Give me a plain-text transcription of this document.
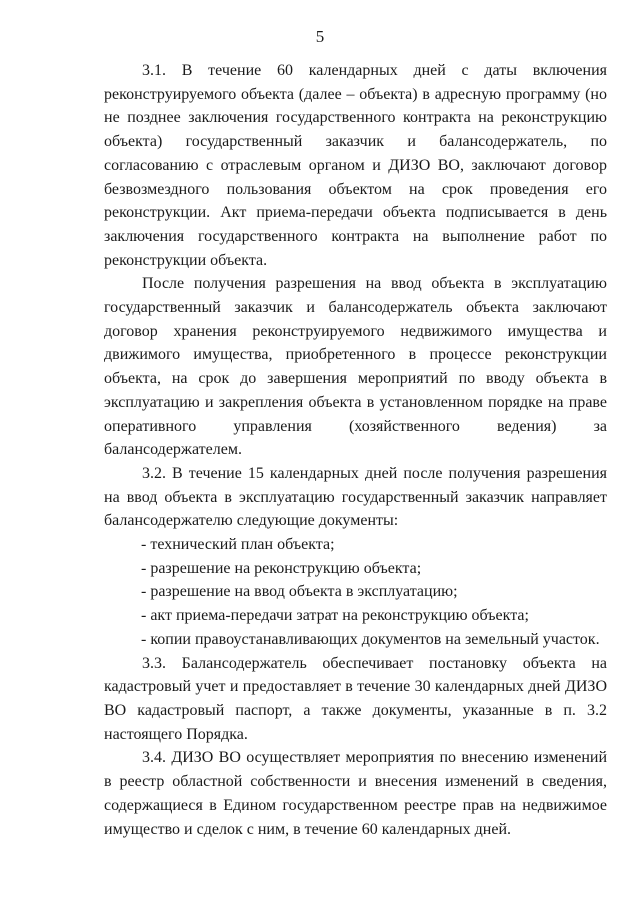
5

3.1. В течение 60 календарных дней с даты включения реконструируемого объекта (далее – объекта) в адресную программу (но не позднее заключения государственного контракта на реконструкцию объекта) государственный заказчик и балансодержатель, по согласованию с отраслевым органом и ДИЗО ВО, заключают договор безвозмездного пользования объектом на срок проведения его реконструкции. Акт приема-передачи объекта подписывается в день заключения государственного контракта на выполнение работ по реконструкции объекта.

После получения разрешения на ввод объекта в эксплуатацию государственный заказчик и балансодержатель объекта заключают договор хранения реконструируемого недвижимого имущества и движимого имущества, приобретенного в процессе реконструкции объекта, на срок до завершения мероприятий по вводу объекта в эксплуатацию и закрепления объекта в установленном порядке на праве оперативного управления (хозяйственного ведения) за балансодержателем.

3.2. В течение 15 календарных дней после получения разрешения на ввод объекта в эксплуатацию государственный заказчик направляет балансодержателю следующие документы:

- технический план объекта;

- разрешение на реконструкцию объекта;

- разрешение на ввод объекта в эксплуатацию;

- акт приема-передачи затрат на реконструкцию объекта;

- копии правоустанавливающих документов на земельный участок.

3.3. Балансодержатель обеспечивает постановку объекта на кадастровый учет и предоставляет в течение 30 календарных дней ДИЗО ВО кадастровый паспорт, а также документы, указанные в п. 3.2 настоящего Порядка.

3.4. ДИЗО ВО осуществляет мероприятия по внесению изменений в реестр областной собственности и внесения изменений в сведения, содержащиеся в Едином государственном реестре прав на недвижимое имущество и сделок с ним, в течение 60 календарных дней.
